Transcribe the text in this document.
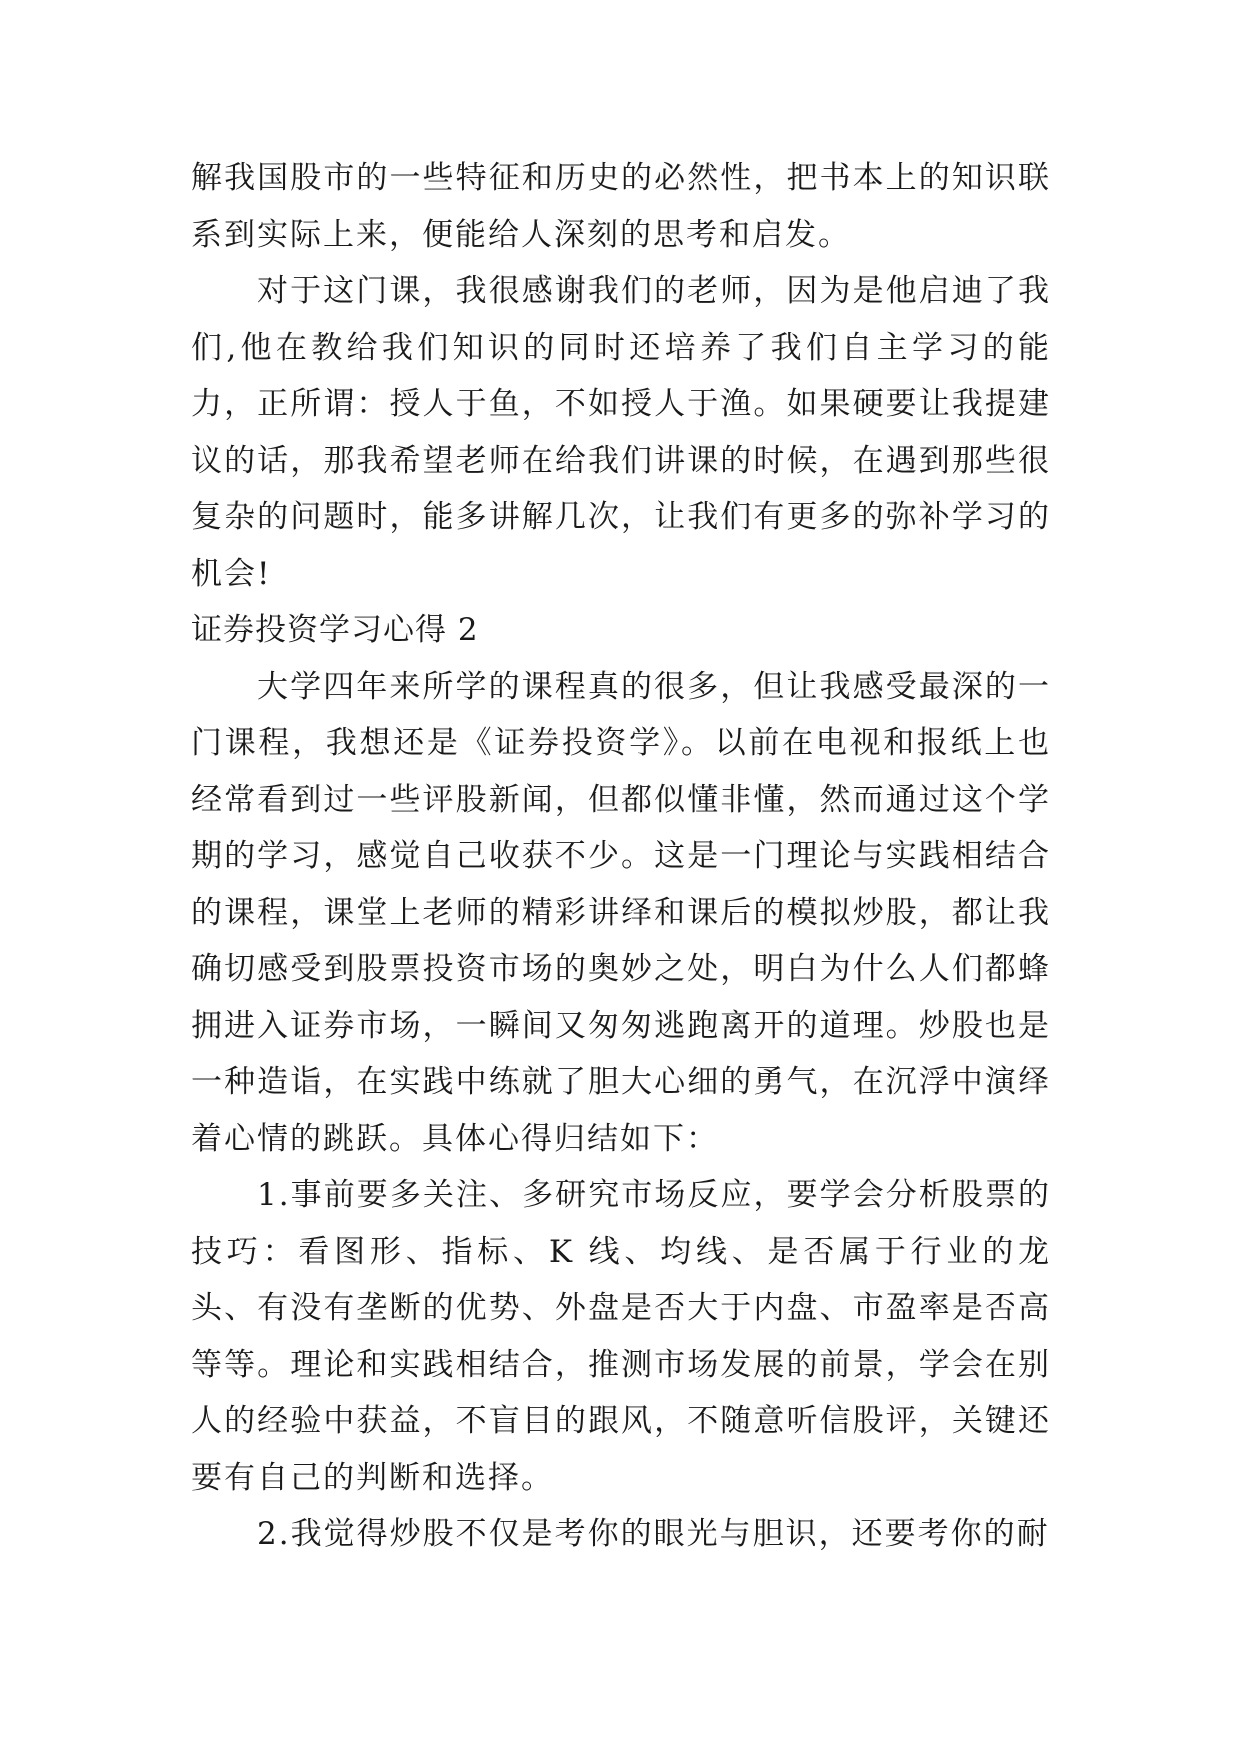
解我国股市的一些特征和历史的必然性，把书本上的知识联系到实际上来，便能给人深刻的思考和启发。

对于这门课，我很感谢我们的老师，因为是他启迪了我们,他在教给我们知识的同时还培养了我们自主学习的能力，正所谓：授人于鱼，不如授人于渔。如果硬要让我提建议的话，那我希望老师在给我们讲课的时候，在遇到那些很复杂的问题时，能多讲解几次，让我们有更多的弥补学习的机会!

证券投资学习心得 2

大学四年来所学的课程真的很多，但让我感受最深的一门课程，我想还是《证券投资学》。以前在电视和报纸上也经常看到过一些评股新闻，但都似懂非懂，然而通过这个学期的学习，感觉自己收获不少。这是一门理论与实践相结合的课程，课堂上老师的精彩讲绎和课后的模拟炒股，都让我确切感受到股票投资市场的奥妙之处，明白为什么人们都蜂拥进入证券市场，一瞬间又匆匆逃跑离开的道理。炒股也是一种造诣，在实践中练就了胆大心细的勇气，在沉浮中演绎着心情的跳跃。具体心得归结如下：

1.事前要多关注、多研究市场反应，要学会分析股票的技巧：看图形、指标、K 线、均线、是否属于行业的龙头、有没有垄断的优势、外盘是否大于内盘、市盈率是否高等等。理论和实践相结合，推测市场发展的前景，学会在别人的经验中获益，不盲目的跟风，不随意听信股评，关键还要有自己的判断和选择。

2.我觉得炒股不仅是考你的眼光与胆识，还要考你的耐
